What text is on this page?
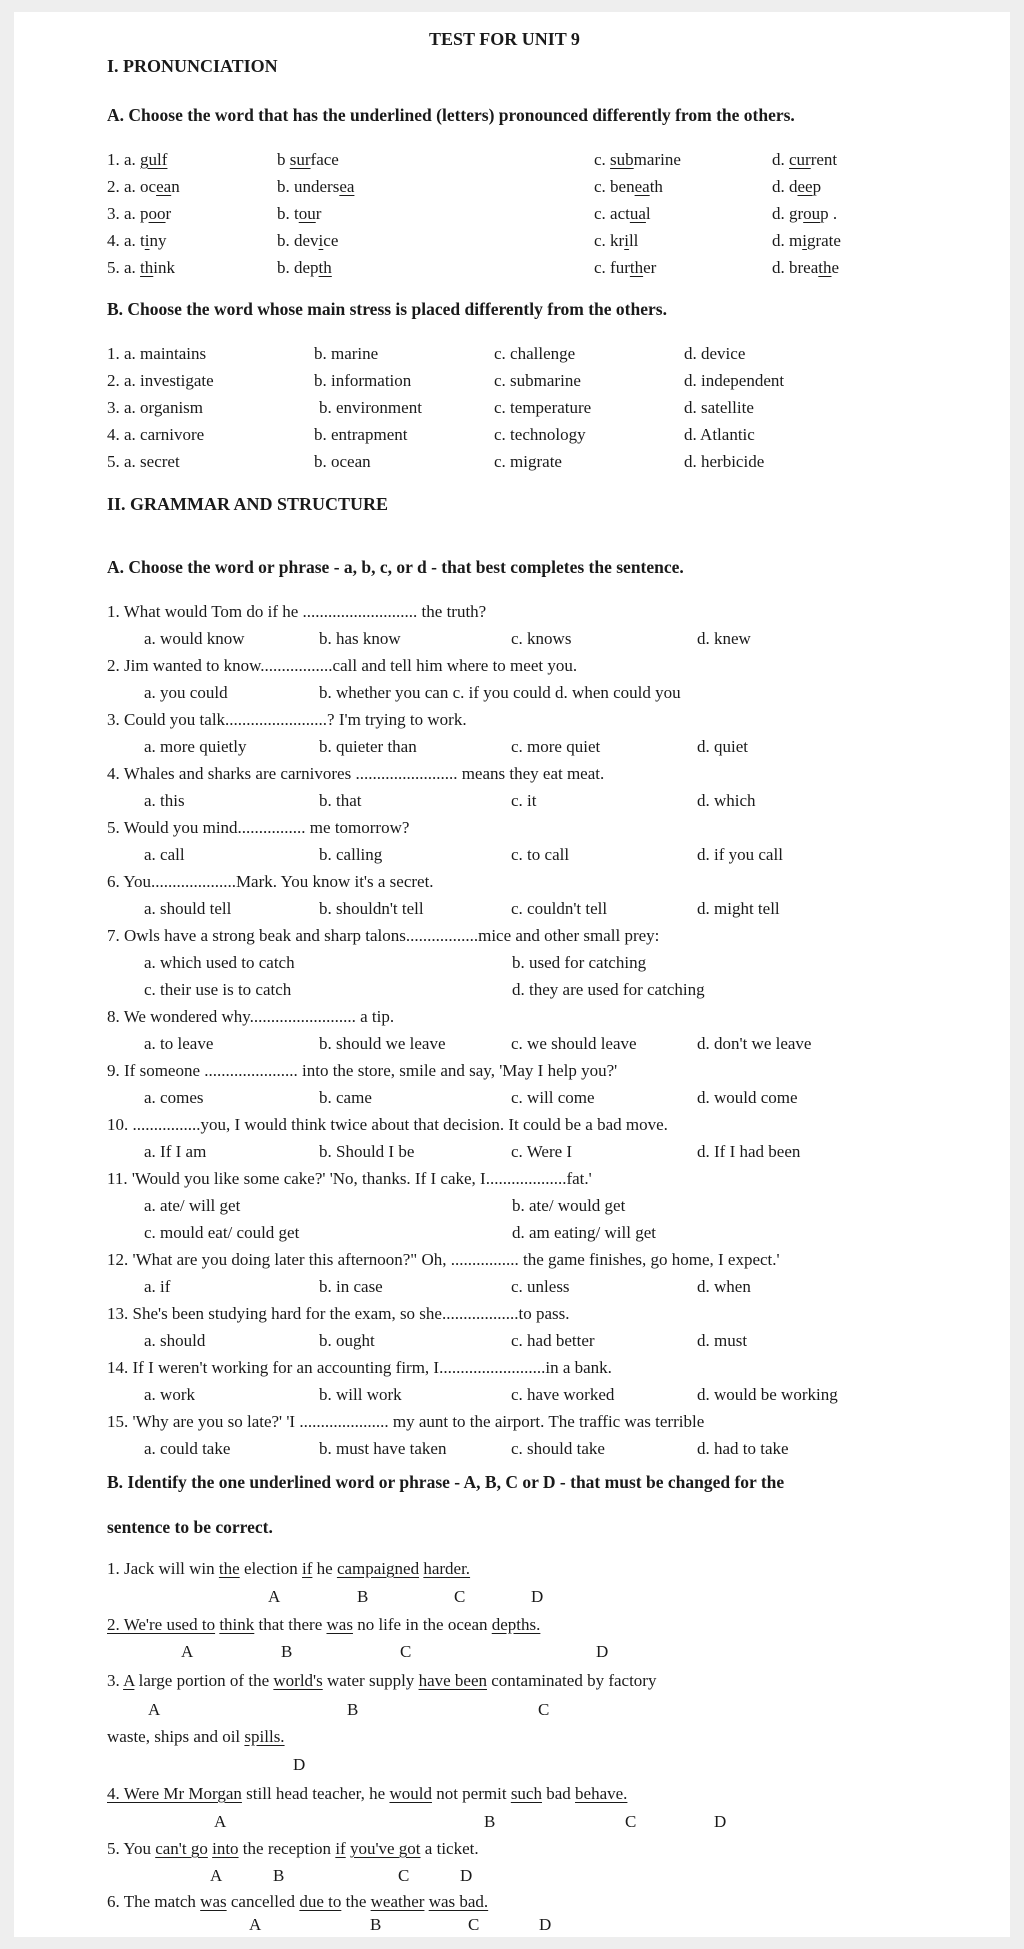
TEST FOR UNIT 9
I. PRONUNCIATION
A. Choose the word that has the underlined (letters) pronounced differently from the others.
1. a. gulf	b surface	c. submarine	d. current
2. a. ocean	b. undersea	c. beneath	d. deep
3. a. poor	b. tour	c. actual	d. group .
4. a. tiny	b. device	c. krill	d. migrate
5. a. think	b. depth	c. further	d. breathe
B. Choose the word whose main stress is placed differently from the others.
1. a. maintains	b. marine	c. challenge	d. device
2. a. investigate	b. information	c. submarine	d. independent
3. a. organism	b. environment	c. temperature	d. satellite
4. a. carnivore	b. entrapment	c. technology	d. Atlantic
5. a. secret	b. ocean	c. migrate	d. herbicide
II. GRAMMAR AND STRUCTURE
A. Choose the word or phrase - a, b, c, or d - that best completes the sentence.
1. What would Tom do if he ........................... the truth?
a. would know	b. has know	c. knows	d. knew
2. Jim wanted to know.................call and tell him where to meet you.
a. you could	b. whether you can c. if you could d. when could you
3. Could you talk........................? I'm trying to work.
a. more quietly	b. quieter than	c. more quiet	d. quiet
4. Whales and sharks are carnivores ........................ means they eat meat.
a. this	b. that	c. it	d. which
5. Would you mind................ me tomorrow?
a. call	b. calling	c. to call	d. if you call
6. You....................Mark. You know it's a secret.
a. should tell	b. shouldn't tell	c. couldn't tell	d. might tell
7. Owls have a strong beak and sharp talons.................mice and other small prey:
a. which used to catch	b. used for catching
c. their use is to catch	d. they are used for catching
8. We wondered why......................... a tip.
a. to leave	b. should we leave	c. we should leave	d. don't we leave
9. If someone ...................... into the store, smile and say, 'May I help you?'
a. comes	b. came	c. will come	d. would come
10. ................you, I would think twice about that decision. It could be a bad move.
a. If I am	b. Should I be	c. Were I	d. If I had been
11. 'Would you like some cake?' 'No, thanks. If I cake, I...................fat.'
a. ate/ will get	b. ate/ would get
c. mould eat/ could get	d. am eating/ will get
12. 'What are you doing later this afternoon?" Oh, ................ the game finishes, go home, I expect.'
a. if	b. in case	c. unless	d. when
13. She's been studying hard for the exam, so she..................to pass.
a. should	b. ought	c. had better	d. must
14. If I weren't working for an accounting firm, I.........................in a bank.
a. work	b. will work	c. have worked	d. would be working
15. 'Why are you so late?' 'I ..................... my aunt to the airport. The traffic was terrible
a. could take	b. must have taken	c. should take	d. had to take
B. Identify the one underlined word or phrase - A, B, C or D - that must be changed for the
sentence to be correct.
1. Jack will win the election if he campaigned harder.
A	B	C	D
2. We're used to think that there was no life in the ocean depths.
A	B	C	D
3. A large portion of the world's water supply have been contaminated by factory
A	B	C
waste, ships and oil spills.
D
4. Were Mr Morgan still head teacher, he would not permit such bad behave.
A	B	C	D
5. You can't go into the reception if you've got a ticket.
A	B	C	D
6. The match was cancelled due to the weather was bad.
A	B	C	D
